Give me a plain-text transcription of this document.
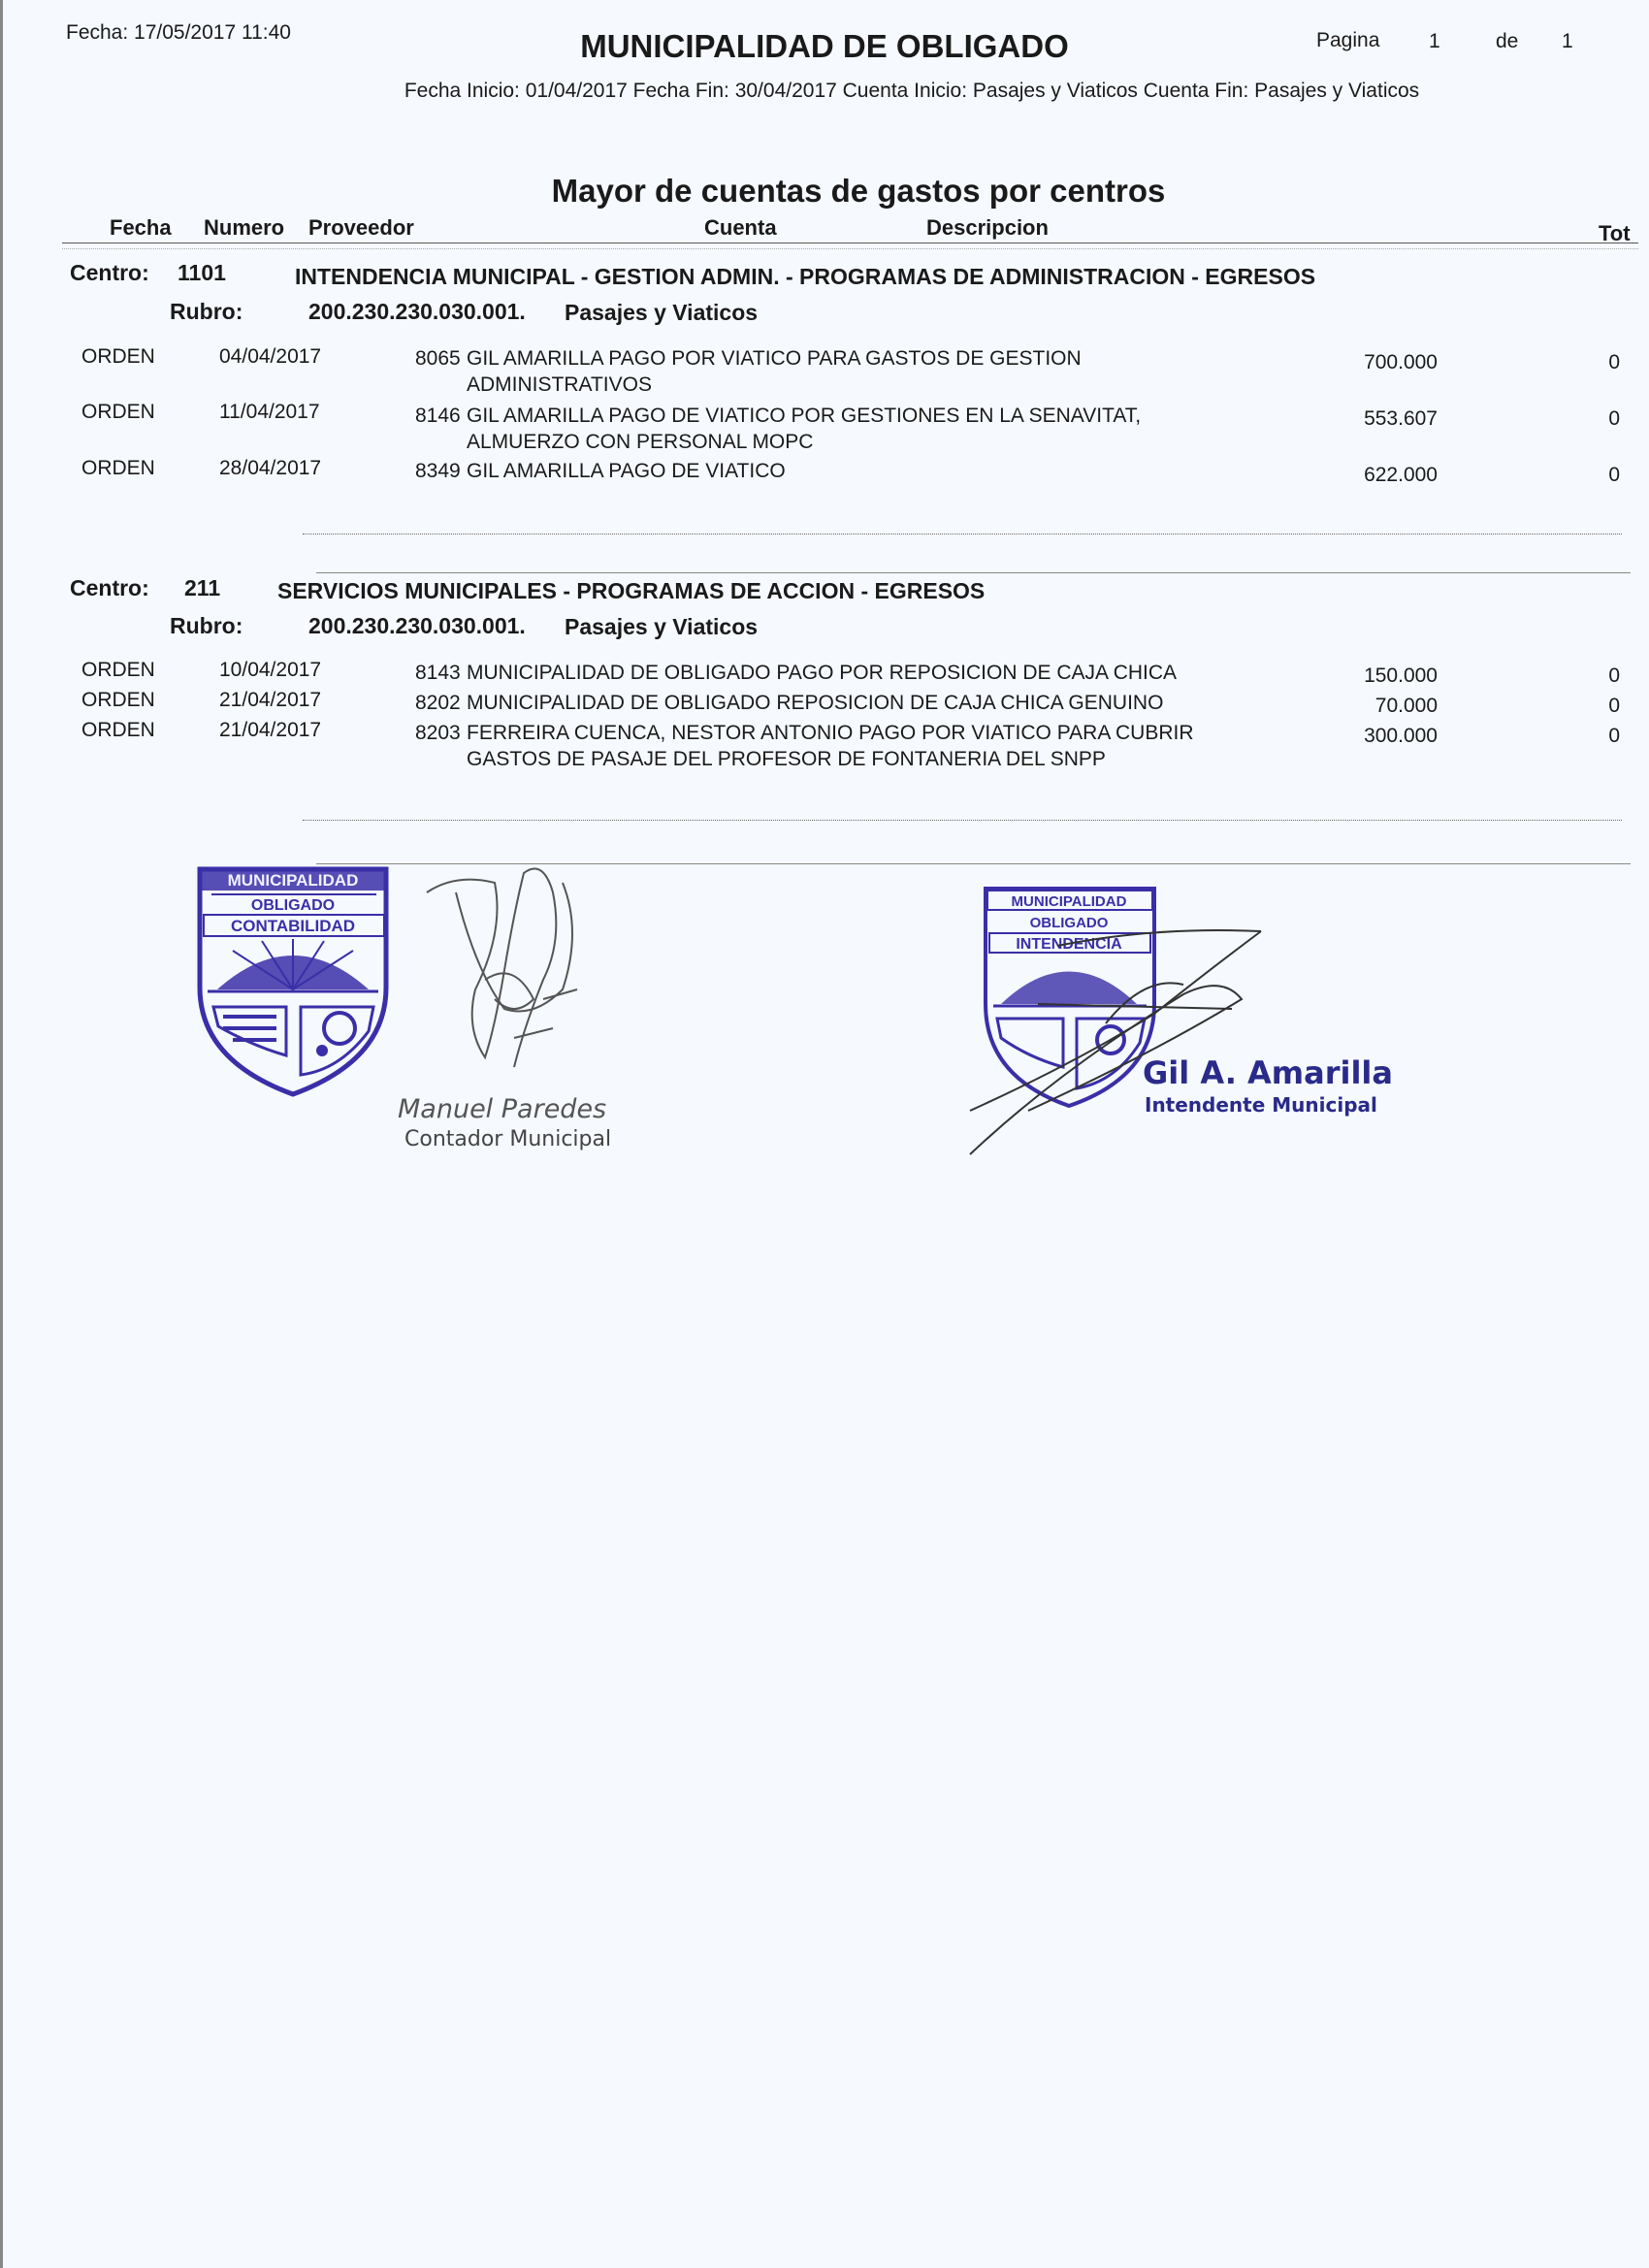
Fecha: 17/05/2017 11:40	MUNICIPALIDAD DE OBLIGADO	Pagina 1	de 1
Fecha Inicio: 01/04/2017 Fecha Fin: 30/04/2017 Cuenta Inicio: Pasajes y Viaticos Cuenta Fin: Pasajes y Viaticos
Mayor de cuentas de gastos por centros
Fecha Numero Proveedor	Cuenta	Descripcion	Tot
Centro: 1101	INTENDENCIA MUNICIPAL - GESTION ADMIN. - PROGRAMAS DE ADMINISTRACION - EGRESOS
Rubro:	200.230.230.030.001. Pasajes y Viaticos
ORDEN	04/04/2017	8065 GIL AMARILLA PAGO POR VIATICO PARA GASTOS DE GESTION
ADMINISTRATIVOS
700.000	0
ORDEN	11/04/2017	8146 GIL AMARILLA PAGO DE VIATICO POR GESTIONES EN LA SENAVITAT,
ALMUERZO CON PERSONAL MOPC
553.607	0
ORDEN	28/04/2017	8349 GIL AMARILLA PAGO DE VIATICO	622.000	0
Centro: 211	SERVICIOS MUNICIPALES - PROGRAMAS DE ACCION - EGRESOS
Rubro:	200.230.230.030.001. Pasajes y Viaticos
ORDEN	10/04/2017	8143 MUNICIPALIDAD DE OBLIGADO PAGO POR REPOSICION DE CAJA CHICA	150.000	0
ORDEN	21/04/2017	8202 MUNICIPALIDAD DE OBLIGADO REPOSICION DE CAJA CHICA GENUINO	70.000	0
ORDEN	21/04/2017	8203 FERREIRA CUENCA, NESTOR ANTONIO PAGO POR VIATICO PARA CUBRIR
GASTOS DE PASAJE DEL PROFESOR DE FONTANERIA DEL SNPP
300.000	0
MUNICIPALIDAD
OBLIGADO
CONTABILIDAD
Manuel Paredes
Contador Municipal
MUNICIPALIDAD
OBLIGADO
INTENDENCIA
Gil A. Amarilla
Intendente Municipal
